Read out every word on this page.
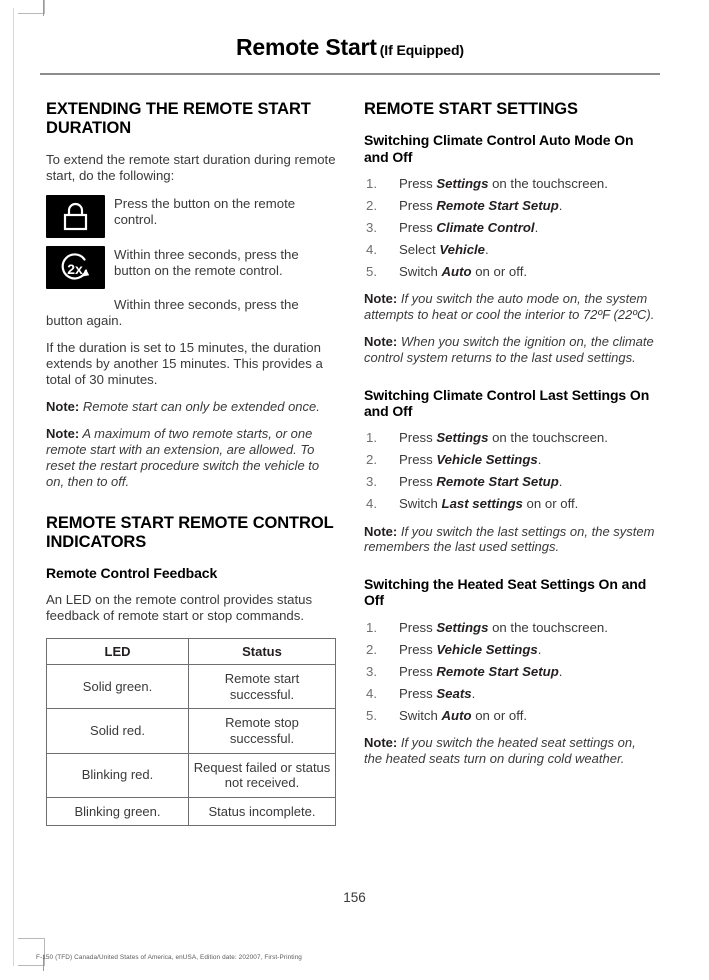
Remote Start (If Equipped)
EXTENDING THE REMOTE START DURATION

To extend the remote start duration during remote start, do the following:

Press the button on the remote control.
2x
Within three seconds, press the button on the remote control.

Within three seconds, press the button again.

If the duration is set to 15 minutes, the duration extends by another 15 minutes. This provides a total of 30 minutes.

Note: Remote start can only be extended once.

Note: A maximum of two remote starts, or one remote start with an extension, are allowed. To reset the restart procedure switch the vehicle to on, then to off.

REMOTE START REMOTE CONTROL INDICATORS
Remote Control Feedback

An LED on the remote control provides status feedback of remote start or stop commands.

LED	Status
Solid green.	Remote start successful.
Solid red.	Remote stop successful.
Blinking red.	Request failed or status not received.
Blinking green.	Status incomplete.
REMOTE START SETTINGS
Switching Climate Control Auto Mode On and Off
Press Settings on the touchscreen.
Press Remote Start Setup.
Press Climate Control.
Select Vehicle.
Switch Auto on or off.

Note: If you switch the auto mode on, the system attempts to heat or cool the interior to 72ºF (22ºC).

Note: When you switch the ignition on, the climate control system returns to the last used settings.

Switching Climate Control Last Settings On and Off
Press Settings on the touchscreen.
Press Vehicle Settings.
Press Remote Start Setup.
Switch Last settings on or off.

Note: If you switch the last settings on, the system remembers the last used settings.

Switching the Heated Seat Settings On and Off
Press Settings on the touchscreen.
Press Vehicle Settings.
Press Remote Start Setup.
Press Seats.
Switch Auto on or off.

Note: If you switch the heated seat settings on, the heated seats turn on during cold weather.

156
F-150 (TFD) Canada/United States of America, enUSA, Edition date: 202007, First-Printing
